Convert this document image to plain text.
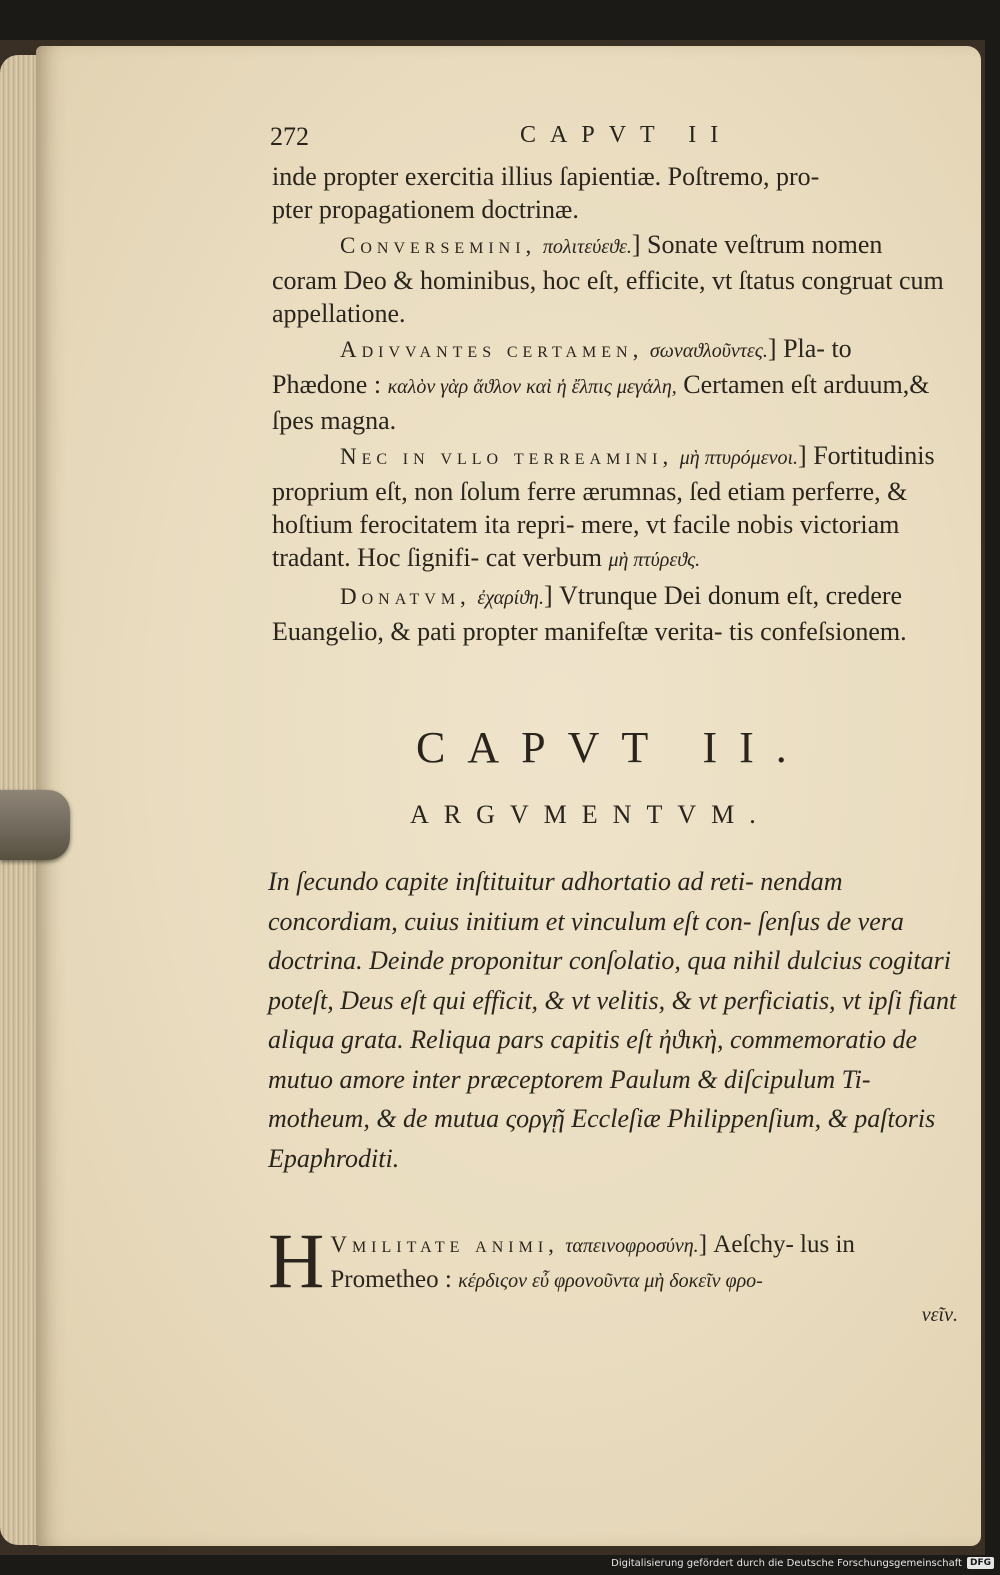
272	CAPVT II

inde propter exercitia illius ſapientiæ. Poſtremo, pro-
pter propagationem doctrinæ.

Conversemini, πολιτεύεϑε.] Sonate veſtrum nomen coram Deo & hominibus, hoc eſt, efficite, vt ſtatus congruat cum appellatione.

Adivvantes certamen, σωναϑλοῦντες.] Pla- to Phædone : καλὸν γὰρ ἄϑλον καὶ ἡ ἔλπις μεγάλη, Certamen eſt arduum,& ſpes magna.

Nec in vllo terreamini, μὴ πτυρόμενοι.] Fortitudinis proprium eſt, non ſolum ferre ærumnas, ſed etiam perferre, & hoſtium ferocitatem ita repri- mere, vt facile nobis victoriam tradant. Hoc ſignifi- cat verbum μὴ πτύρεϑς.

Donatvm, ἐχαρίϑη.] Vtrunque Dei donum eſt, credere Euangelio, & pati propter manifeſtæ verita- tis confeſsionem.

CAPVT II.
ARGVMENTVM.
In ſecundo capite inſtituitur adhortatio ad reti- nendam concordiam, cuius initium et vinculum eſt con- ſenſus de vera doctrina. Deinde proponitur conſolatio, qua nihil dulcius cogitari poteſt, Deus eſt qui efficit, & vt velitis, & vt perficiatis, vt ipſi fiant aliqua grata. Reliqua pars capitis eſt ἠϑικὴ, commemoratio de mutuo amore inter præceptorem Paulum & diſcipulum Ti- motheum, & de mutua ςοργῇ Eccleſiæ Philippenſium, & paſtoris Epaphroditi.
H Vmilitate animi, ταπεινοφροσύνη.] Aeſchy- lus in Prometheo : κέρδιςον εὖ φρονοῦντα μὴ δοκεῖν φρο-
νεῖν.
Digitalisierung gefördert durch die Deutsche Forschungsgemeinschaft DFG
